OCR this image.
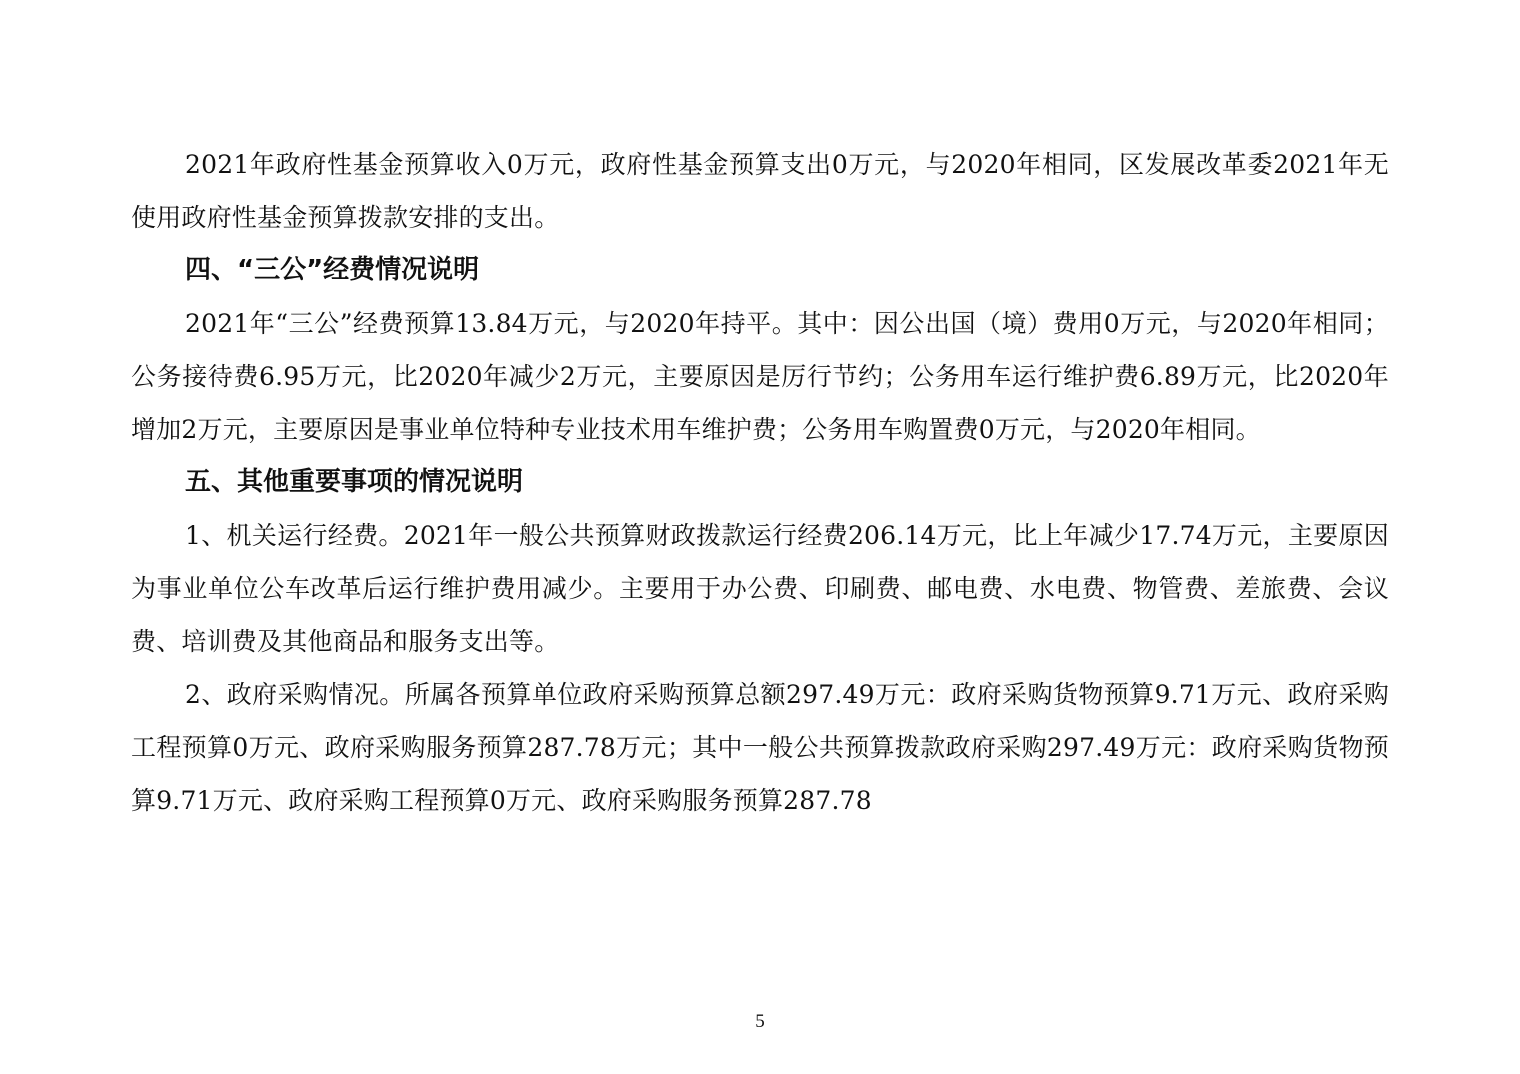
2021年政府性基金预算收入0万元，政府性基金预算支出0万元，与2020年相同，区发展改革委2021年无使用政府性基金预算拨款安排的支出。

四、“三公”经费情况说明

2021年“三公”经费预算13.84万元，与2020年持平。其中：因公出国（境）费用0万元，与2020年相同；公务接待费6.95万元，比2020年减少2万元，主要原因是厉行节约；公务用车运行维护费6.89万元，比2020年增加2万元，主要原因是事业单位特种专业技术用车维护费；公务用车购置费0万元，与2020年相同。

五、其他重要事项的情况说明

1、机关运行经费。2021年一般公共预算财政拨款运行经费206.14万元，比上年减少17.74万元，主要原因为事业单位公车改革后运行维护费用减少。主要用于办公费、印刷费、邮电费、水电费、物管费、差旅费、会议费、培训费及其他商品和服务支出等。

2、政府采购情况。所属各预算单位政府采购预算总额297.49万元：政府采购货物预算9.71万元、政府采购工程预算0万元、政府采购服务预算287.78万元；其中一般公共预算拨款政府采购297.49万元：政府采购货物预算9.71万元、政府采购工程预算0万元、政府采购服务预算287.78

5
